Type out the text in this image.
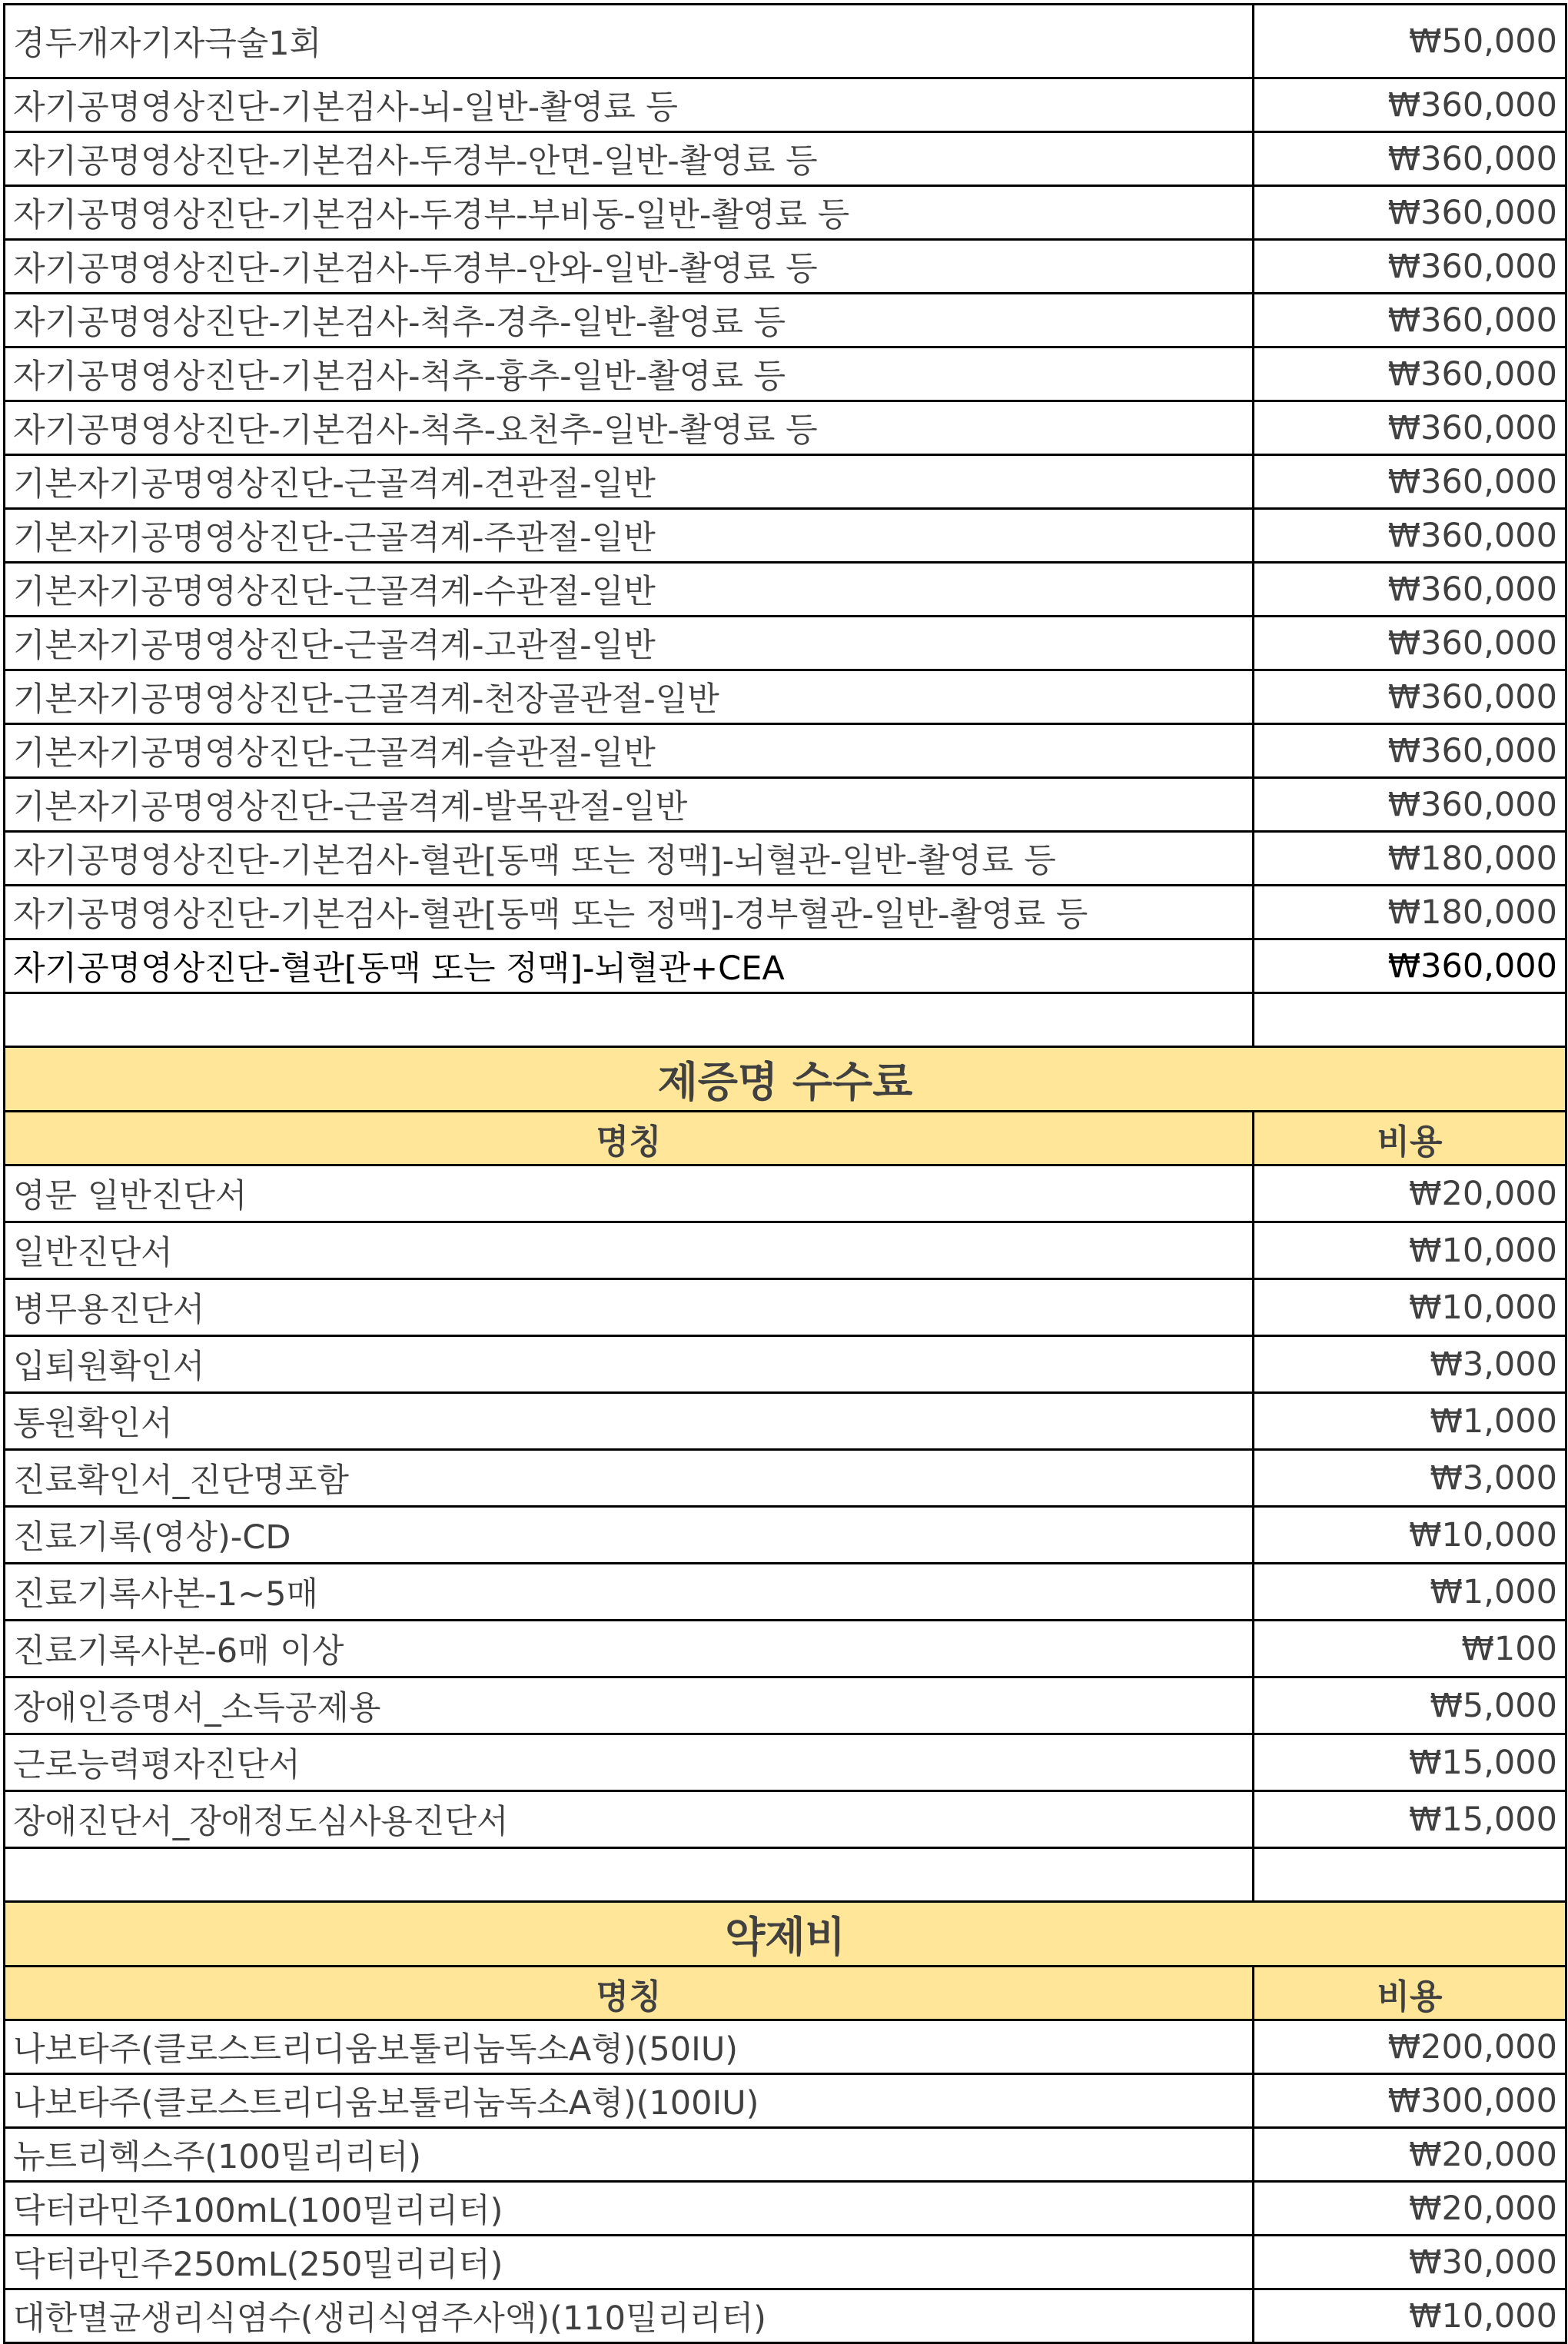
경두개자기자극술1회	₩50,000
자기공명영상진단-기본검사-뇌-일반-촬영료 등	₩360,000
자기공명영상진단-기본검사-두경부-안면-일반-촬영료 등	₩360,000
자기공명영상진단-기본검사-두경부-부비동-일반-촬영료 등	₩360,000
자기공명영상진단-기본검사-두경부-안와-일반-촬영료 등	₩360,000
자기공명영상진단-기본검사-척추-경추-일반-촬영료 등	₩360,000
자기공명영상진단-기본검사-척추-흉추-일반-촬영료 등	₩360,000
자기공명영상진단-기본검사-척추-요천추-일반-촬영료 등	₩360,000
기본자기공명영상진단-근골격계-견관절-일반	₩360,000
기본자기공명영상진단-근골격계-주관절-일반	₩360,000
기본자기공명영상진단-근골격계-수관절-일반	₩360,000
기본자기공명영상진단-근골격계-고관절-일반	₩360,000
기본자기공명영상진단-근골격계-천장골관절-일반	₩360,000
기본자기공명영상진단-근골격계-슬관절-일반	₩360,000
기본자기공명영상진단-근골격계-발목관절-일반	₩360,000
자기공명영상진단-기본검사-혈관[동맥 또는 정맥]-뇌혈관-일반-촬영료 등	₩180,000
자기공명영상진단-기본검사-혈관[동맥 또는 정맥]-경부혈관-일반-촬영료 등	₩180,000
자기공명영상진단-혈관[동맥 또는 정맥]-뇌혈관+CEA	₩360,000

제증명 수수료	
명칭	비용
영문 일반진단서	₩20,000
일반진단서	₩10,000
병무용진단서	₩10,000
입퇴원확인서	₩3,000
통원확인서	₩1,000
진료확인서_진단명포함	₩3,000
진료기록(영상)-CD	₩10,000
진료기록사본-1~5매	₩1,000
진료기록사본-6매 이상	₩100
장애인증명서_소득공제용	₩5,000
근로능력평자진단서	₩15,000
장애진단서_장애정도심사용진단서	₩15,000

약제비	
명칭	비용
나보타주(클로스트리디움보툴리눔독소A형)(50IU)	₩200,000
나보타주(클로스트리디움보툴리눔독소A형)(100IU)	₩300,000
뉴트리헥스주(100밀리리터)	₩20,000
닥터라민주100mL(100밀리리터)	₩20,000
닥터라민주250mL(250밀리리터)	₩30,000
대한멸균생리식염수(생리식염주사액)(110밀리리터)	₩10,000
